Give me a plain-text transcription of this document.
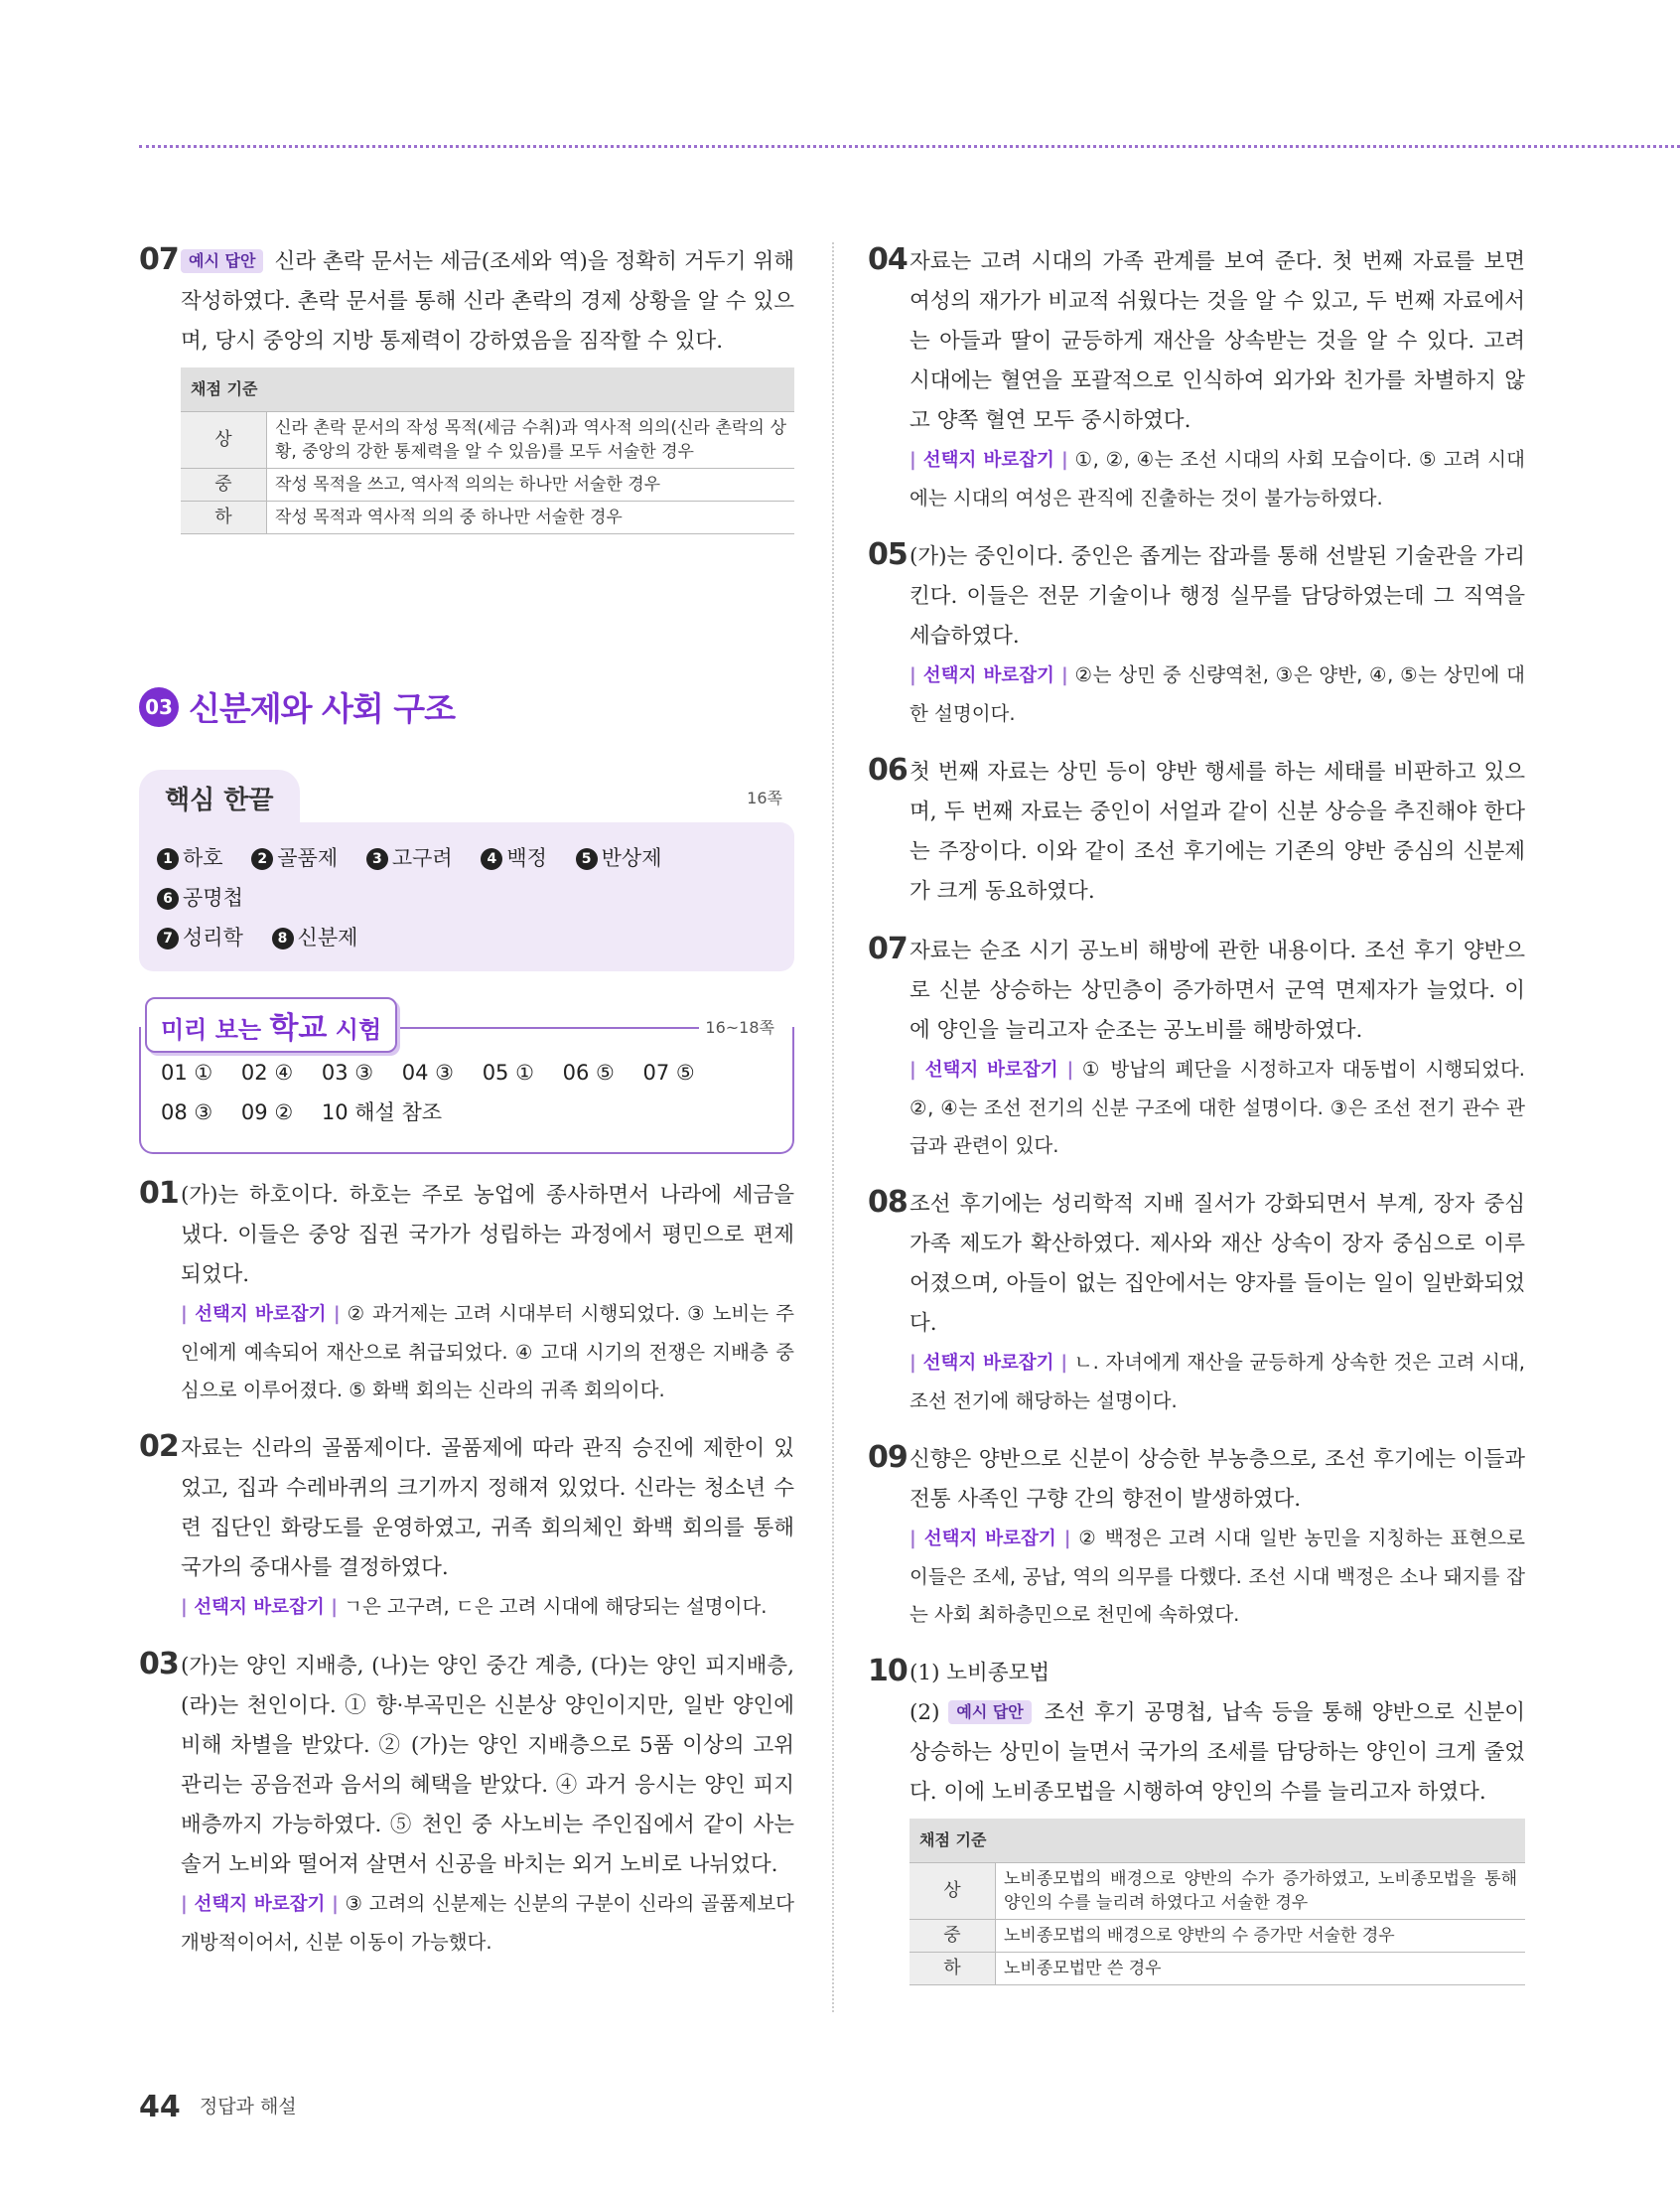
07 예시 답안 신라 촌락 문서는 세금(조세와 역)을 정확히 거두기 위해 작성하였다. 촌락 문서를 통해 신라 촌락의 경제 상황을 알 수 있으며, 당시 중앙의 지방 통제력이 강하였음을 짐작할 수 있다.
채점 기준	
상	신라 촌락 문서의 작성 목적(세금 수취)과 역사적 의의(신라 촌락의 상황, 중앙의 강한 통제력을 알 수 있음)를 모두 서술한 경우
중	작성 목적을 쓰고, 역사적 의의는 하나만 서술한 경우
하	작성 목적과 역사적 의의 중 하나만 서술한 경우
03 신분제와 사회 구조
핵심 한끝	16쪽
1 하호 2 골품제 3 고구려 4 백정 5 반상제 6 공명첩
7 성리학 8 신분제
16~18쪽
미리 보는 학교 시험
01 ① 02 ④ 03 ③ 04 ③ 05 ① 06 ⑤ 07 ⑤
08 ③ 09 ② 10 해설 참조
01 (가)는 하호이다. 하호는 주로 농업에 종사하면서 나라에 세금을 냈다. 이들은 중앙 집권 국가가 성립하는 과정에서 평민으로 편제되었다.
| 선택지 바로잡기 | ② 과거제는 고려 시대부터 시행되었다. ③ 노비는 주인에게 예속되어 재산으로 취급되었다. ④ 고대 시기의 전쟁은 지배층 중심으로 이루어졌다. ⑤ 화백 회의는 신라의 귀족 회의이다.
02 자료는 신라의 골품제이다. 골품제에 따라 관직 승진에 제한이 있었고, 집과 수레바퀴의 크기까지 정해져 있었다. 신라는 청소년 수련 집단인 화랑도를 운영하였고, 귀족 회의체인 화백 회의를 통해 국가의 중대사를 결정하였다.
| 선택지 바로잡기 | ㄱ은 고구려, ㄷ은 고려 시대에 해당되는 설명이다.
03 (가)는 양인 지배층, (나)는 양인 중간 계층, (다)는 양인 피지배층, (라)는 천인이다. ① 향·부곡민은 신분상 양인이지만, 일반 양인에 비해 차별을 받았다. ② (가)는 양인 지배층으로 5품 이상의 고위 관리는 공음전과 음서의 혜택을 받았다. ④ 과거 응시는 양인 피지배층까지 가능하였다. ⑤ 천인 중 사노비는 주인집에서 같이 사는 솔거 노비와 떨어져 살면서 신공을 바치는 외거 노비로 나뉘었다.
| 선택지 바로잡기 | ③ 고려의 신분제는 신분의 구분이 신라의 골품제보다 개방적이어서, 신분 이동이 가능했다.
04 자료는 고려 시대의 가족 관계를 보여 준다. 첫 번째 자료를 보면 여성의 재가가 비교적 쉬웠다는 것을 알 수 있고, 두 번째 자료에서는 아들과 딸이 균등하게 재산을 상속받는 것을 알 수 있다. 고려 시대에는 혈연을 포괄적으로 인식하여 외가와 친가를 차별하지 않고 양쪽 혈연 모두 중시하였다.
| 선택지 바로잡기 | ①, ②, ④는 조선 시대의 사회 모습이다. ⑤ 고려 시대에는 시대의 여성은 관직에 진출하는 것이 불가능하였다.
05 (가)는 중인이다. 중인은 좁게는 잡과를 통해 선발된 기술관을 가리킨다. 이들은 전문 기술이나 행정 실무를 담당하였는데 그 직역을 세습하였다.
| 선택지 바로잡기 | ②는 상민 중 신량역천, ③은 양반, ④, ⑤는 상민에 대한 설명이다.
06 첫 번째 자료는 상민 등이 양반 행세를 하는 세태를 비판하고 있으며, 두 번째 자료는 중인이 서얼과 같이 신분 상승을 추진해야 한다는 주장이다. 이와 같이 조선 후기에는 기존의 양반 중심의 신분제가 크게 동요하였다.
07 자료는 순조 시기 공노비 해방에 관한 내용이다. 조선 후기 양반으로 신분 상승하는 상민층이 증가하면서 군역 면제자가 늘었다. 이에 양인을 늘리고자 순조는 공노비를 해방하였다.
| 선택지 바로잡기 | ① 방납의 폐단을 시정하고자 대동법이 시행되었다. ②, ④는 조선 전기의 신분 구조에 대한 설명이다. ③은 조선 전기 관수 관급과 관련이 있다.
08 조선 후기에는 성리학적 지배 질서가 강화되면서 부계, 장자 중심 가족 제도가 확산하였다. 제사와 재산 상속이 장자 중심으로 이루어졌으며, 아들이 없는 집안에서는 양자를 들이는 일이 일반화되었다.
| 선택지 바로잡기 | ㄴ. 자녀에게 재산을 균등하게 상속한 것은 고려 시대, 조선 전기에 해당하는 설명이다.
09 신향은 양반으로 신분이 상승한 부농층으로, 조선 후기에는 이들과 전통 사족인 구향 간의 향전이 발생하였다.
| 선택지 바로잡기 | ② 백정은 고려 시대 일반 농민을 지칭하는 표현으로 이들은 조세, 공납, 역의 의무를 다했다. 조선 시대 백정은 소나 돼지를 잡는 사회 최하층민으로 천민에 속하였다.
10 (1) 노비종모법
(2) 예시 답안 조선 후기 공명첩, 납속 등을 통해 양반으로 신분이 상승하는 상민이 늘면서 국가의 조세를 담당하는 양인이 크게 줄었다. 이에 노비종모법을 시행하여 양인의 수를 늘리고자 하였다.
채점 기준	
상	노비종모법의 배경으로 양반의 수가 증가하였고, 노비종모법을 통해 양인의 수를 늘리려 하였다고 서술한 경우
중	노비종모법의 배경으로 양반의 수 증가만 서술한 경우
하	노비종모법만 쓴 경우
44 정답과 해설
